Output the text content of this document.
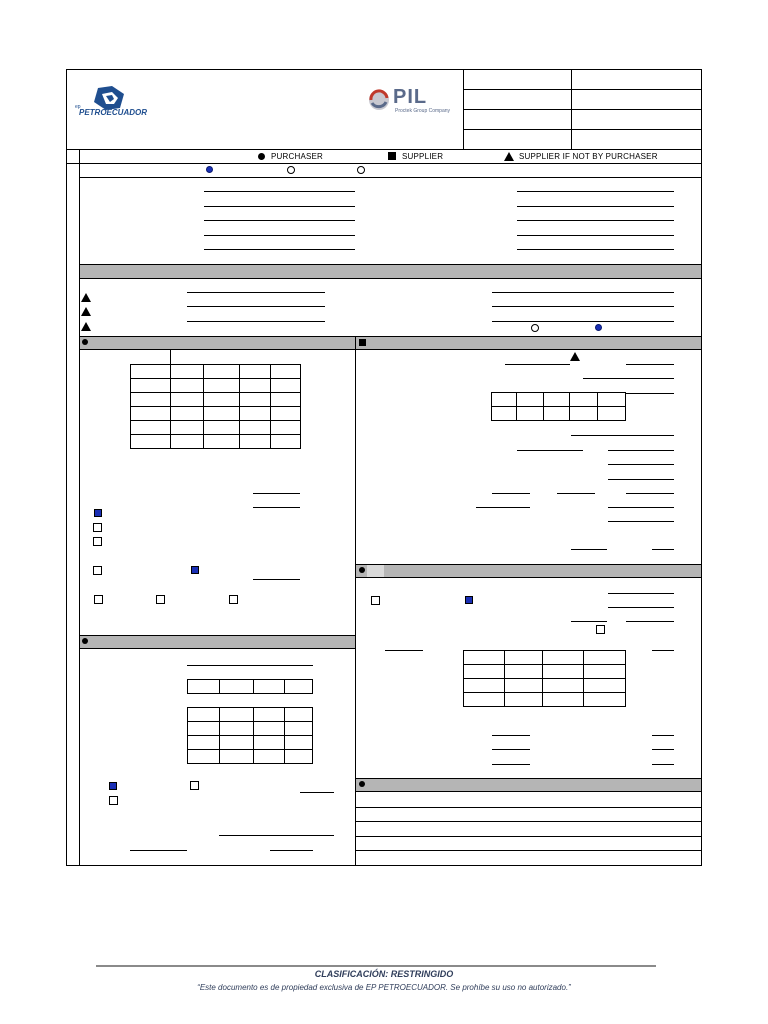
ep
PETROECUADOR
PIL
Proctek Group Company
PURCHASER	SUPPLIER	SUPPLIER IF NOT BY PURCHASER

CLASIFICACIÓN: RESTRINGIDO
“Este documento es de propiedad exclusiva de EP PETROECUADOR. Se prohíbe su uso no autorizado.”
